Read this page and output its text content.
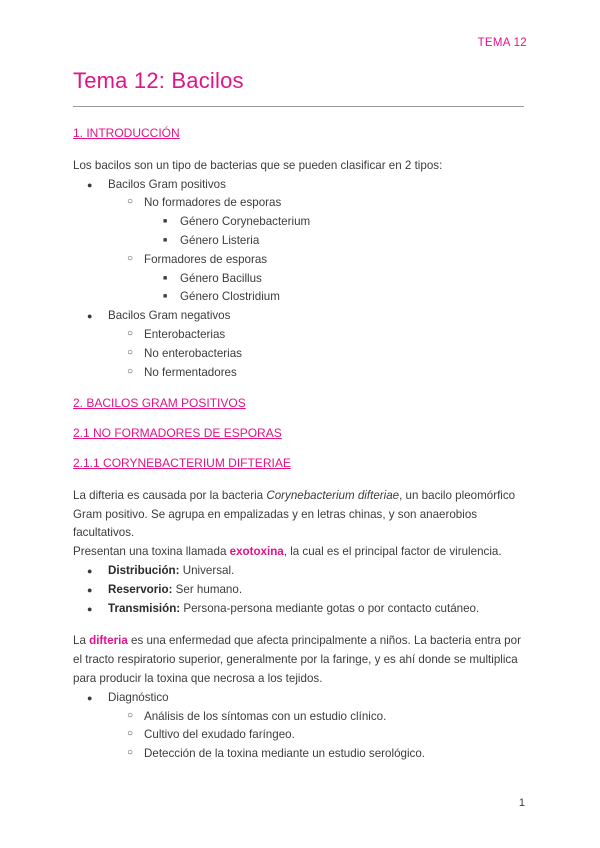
TEMA 12
Tema 12: Bacilos
1. INTRODUCCIÓN

Los bacilos son un tipo de bacterias que se pueden clasificar en 2 tipos:

● Bacilos Gram positivos
○ No formadores de esporas
■ Género Corynebacterium
■ Género Listeria
○ Formadores de esporas
■ Género Bacillus
■ Género Clostridium
● Bacilos Gram negativos
○ Enterobacterias
○ No enterobacterias
○ No fermentadores
2. BACILOS GRAM POSITIVOS
2.1 NO FORMADORES DE ESPORAS
2.1.1 CORYNEBACTERIUM DIFTERIAE

La difteria es causada por la bacteria Corynebacterium difteriae, un bacilo pleomórfico Gram positivo. Se agrupa en empalizadas y en letras chinas, y son anaerobios facultativos.

Presentan una toxina llamada exotoxina, la cual es el principal factor de virulencia.

● Distribución: Universal.
● Reservorio: Ser humano.
● Transmisión: Persona-persona mediante gotas o por contacto cutáneo.

La difteria es una enfermedad que afecta principalmente a niños. La bacteria entra por el tracto respiratorio superior, generalmente por la faringe, y es ahí donde se multiplica para producir la toxina que necrosa a los tejidos.

● Diagnóstico
○ Análisis de los síntomas con un estudio clínico.
○ Cultivo del exudado faríngeo.
○ Detección de la toxina mediante un estudio serológico.
1
